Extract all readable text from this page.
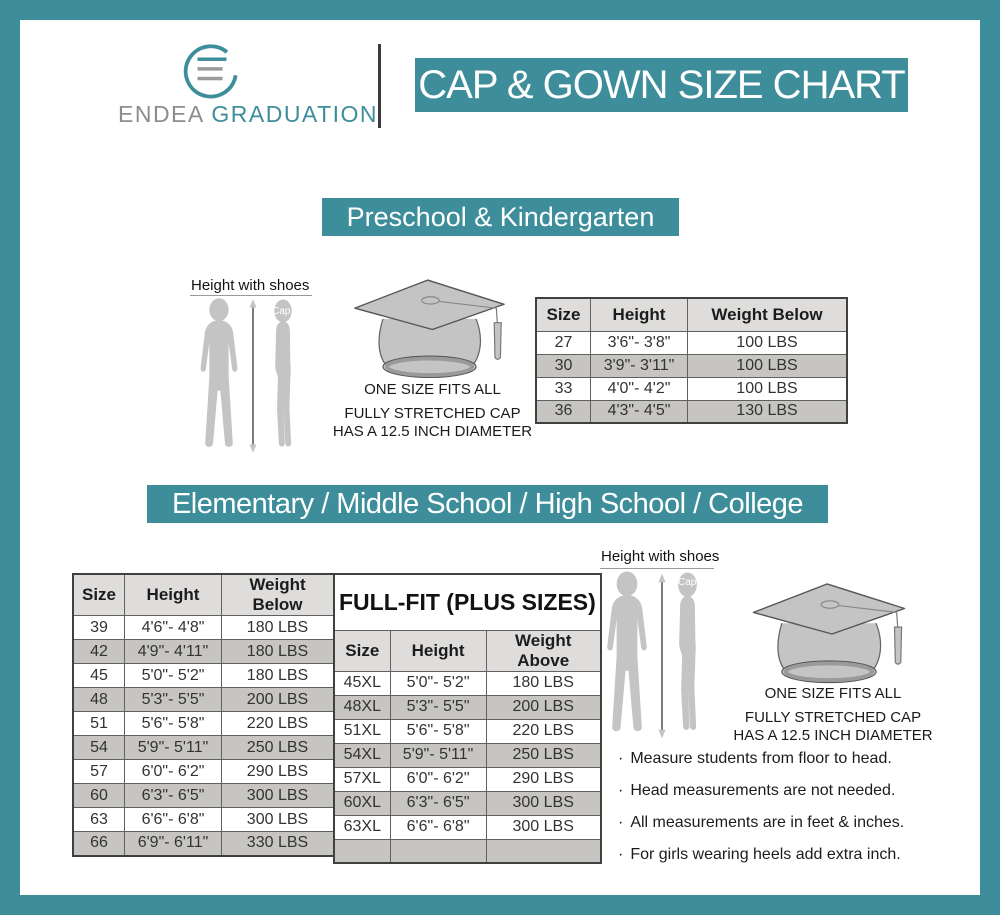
ENDEA GRADUATION
CAP & GOWN SIZE CHART
Preschool & Kindergarten
Height with shoes
Cap
ONE SIZE FITS ALL
FULLY STRETCHED CAP
HAS A 12.5 INCH DIAMETER
Size	Height	Weight Below
27	3'6"- 3'8"	100 LBS
30	3'9"- 3'11"	100 LBS
33	4'0"- 4'2"	100 LBS
36	4'3"- 4'5"	130 LBS
Elementary / Middle School / High School / College
Size	Height	Weight Below
39	4'6"- 4'8"	180 LBS
42	4'9"- 4'11"	180 LBS
45	5'0"- 5'2"	180 LBS
48	5'3"- 5'5"	200 LBS
51	5'6"- 5'8"	220 LBS
54	5'9"- 5'11"	250 LBS
57	6'0"- 6'2"	290 LBS
60	6'3"- 6'5"	300 LBS
63	6'6"- 6'8"	300 LBS
66	6'9"- 6'11"	330 LBS
FULL-FIT (PLUS SIZES)		
Size	Height	Weight Above
45XL	5'0"- 5'2"	180 LBS
48XL	5'3"- 5'5"	200 LBS
51XL	5'6"- 5'8"	220 LBS
54XL	5'9"- 5'11"	250 LBS
57XL	6'0"- 6'2"	290 LBS
60XL	6'3"- 6'5"	300 LBS
63XL	6'6"- 6'8"	300 LBS

Height with shoes
Cap
ONE SIZE FITS ALL
FULLY STRETCHED CAP
HAS A 12.5 INCH DIAMETER
· Measure students from floor to head.
· Head measurements are not needed.
· All measurements are in feet & inches.
· For girls wearing heels add extra inch.
